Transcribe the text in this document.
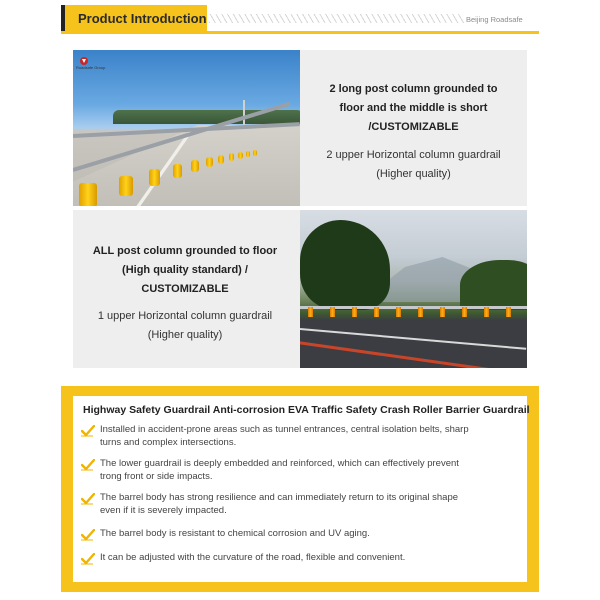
Product Introduction	Beijing Roadsafe
Roadsafe Group
2 long post column grounded to
floor and the middle is short
/CUSTOMIZABLE
2 upper Horizontal column guardrail
(Higher quality)
ALL post column grounded to floor
(High quality standard) /
CUSTOMIZABLE
1 upper Horizontal column guardrail
(Higher quality)
Highway Safety Guardrail Anti-corrosion EVA Traffic Safety Crash Roller Barrier Guardrail
Installed in accident-prone areas such as tunnel entrances, central isolation belts, sharp
turns and complex intersections.
The lower guardrail is deeply embedded and reinforced, which can effectively prevent
trong front or side impacts.
The barrel body has strong resilience and can immediately return to its original shape
even if it is severely impacted.
The barrel body is resistant to chemical corrosion and UV aging.
It can be adjusted with the curvature of the road, flexible and convenient.
